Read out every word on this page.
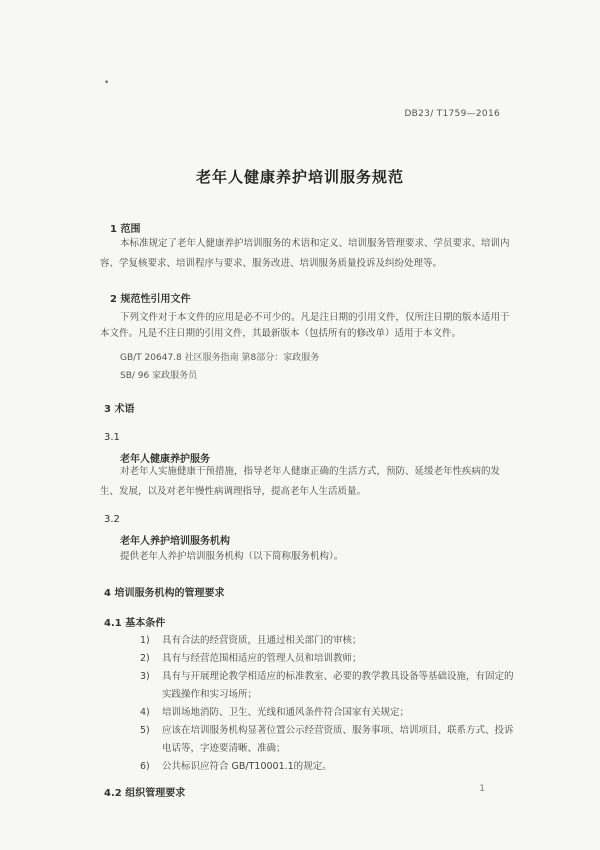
•
DB23/ T1759—2016
老年人健康养护培训服务规范
1 范围
本标准规定了老年人健康养护培训服务的术语和定义、培训服务管理要求、学员要求、培训内容、学复核要求、培训程序与要求、服务改进、培训服务质量投诉及纠纷处理等。
2 规范性引用文件
下列文件对于本文件的应用是必不可少的。凡是注日期的引用文件，仅所注日期的版本适用于本文件。凡是不注日期的引用文件，其最新版本（包括所有的修改单）适用于本文件。
GB/T 20647.8 社区服务指南 第8部分：家政服务
SB/ 96 家政服务员
3 术语
3.1
老年人健康养护服务
对老年人实施健康干预措施，指导老年人健康正确的生活方式，预防、延缓老年性疾病的发生、发展，以及对老年慢性病调理指导，提高老年人生活质量。
3.2
老年人养护培训服务机构
提供老年人养护培训服务机构（以下简称服务机构）。
4 培训服务机构的管理要求
4.1 基本条件
1) 具有合法的经营资质，且通过相关部门的审核；
2) 具有与经营范围相适应的管理人员和培训教师；
3) 具有与开展理论教学相适应的标准教室、必要的教学教具设备等基础设施，有固定的实践操作和实习场所；
4) 培训场地消防、卫生、光线和通风条件符合国家有关规定；
5) 应该在培训服务机构显著位置公示经营资质、服务事项、培训项目、联系方式、投诉电话等，字迹要清晰、准确；
6) 公共标识应符合 GB/T10001.1的规定。
4.2 组织管理要求	1
